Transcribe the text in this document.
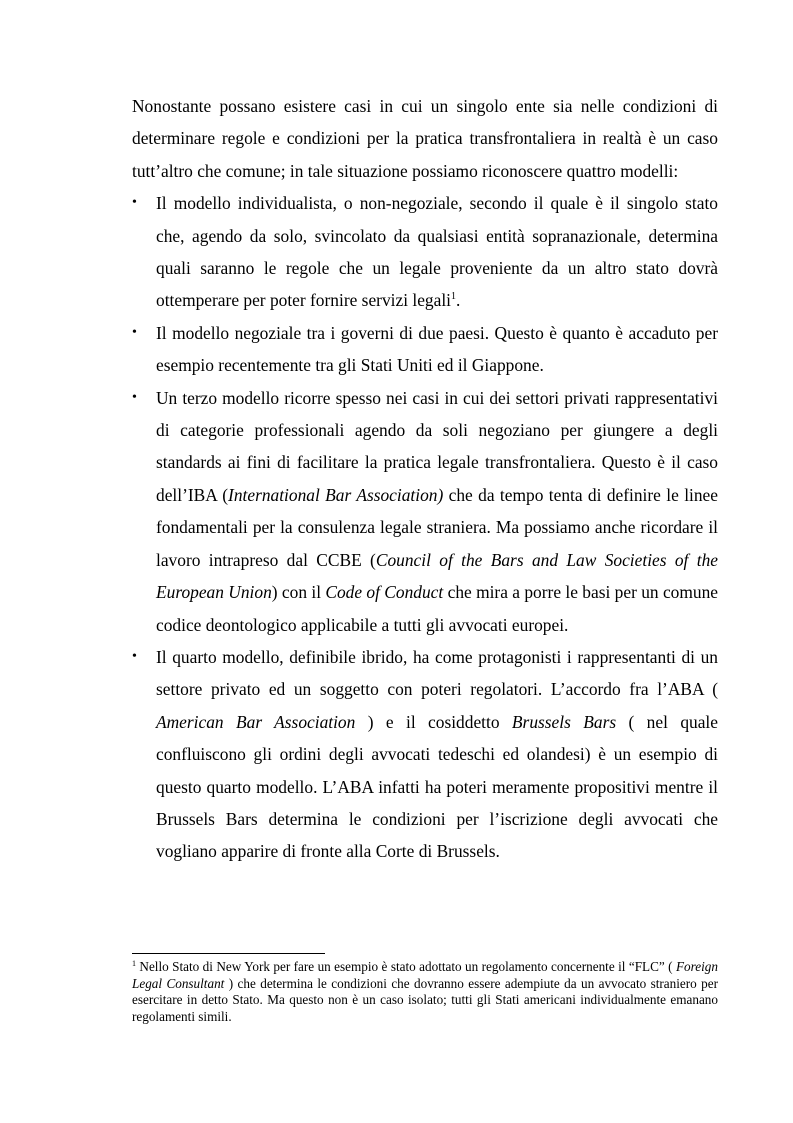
Nonostante possano esistere casi in cui un singolo ente sia nelle condizioni di determinare regole e condizioni per la pratica transfrontaliera in realtà è un caso tutt’altro che comune; in tale situazione possiamo riconoscere quattro modelli:

•	Il modello individualista, o non-negoziale, secondo il quale è il singolo stato che, agendo da solo, svincolato da qualsiasi entità sopranazionale, determina quali saranno le regole che un legale proveniente da un altro stato dovrà ottemperare per poter fornire servizi legali$^1$.
•	Il modello negoziale tra i governi di due paesi. Questo è quanto è accaduto per esempio recentemente tra gli Stati Uniti ed il Giappone.
•	Un terzo modello ricorre spesso nei casi in cui dei settori privati rappresentativi di categorie professionali agendo da soli negoziano per giungere a degli standards ai fini di facilitare la pratica legale transfrontaliera. Questo è il caso dell’IBA (International Bar Association) che da tempo tenta di definire le linee fondamentali per la consulenza legale straniera. Ma possiamo anche ricordare il lavoro intrapreso dal CCBE (Council of the Bars and Law Societies of the European Union) con il Code of Conduct che mira a porre le basi per un comune codice deontologico applicabile a tutti gli avvocati europei.
•	Il quarto modello, definibile ibrido, ha come protagonisti i rappresentanti di un settore privato ed un soggetto con poteri regolatori. L’accordo fra l’ABA ( American Bar Association ) e il cosiddetto Brussels Bars ( nel quale confluiscono gli ordini degli avvocati tedeschi ed olandesi) è un esempio di questo quarto modello. L’ABA infatti ha poteri meramente propositivi mentre il Brussels Bars determina le condizioni per l’iscrizione degli avvocati che vogliano apparire di fronte alla Corte di Brussels.
$^1$ Nello Stato di New York per fare un esempio è stato adottato un regolamento concernente il “FLC” ( Foreign Legal Consultant ) che determina le condizioni che dovranno essere adempiute da un avvocato straniero per esercitare in detto Stato. Ma questo non è un caso isolato; tutti gli Stati americani individualmente emanano regolamenti simili.
